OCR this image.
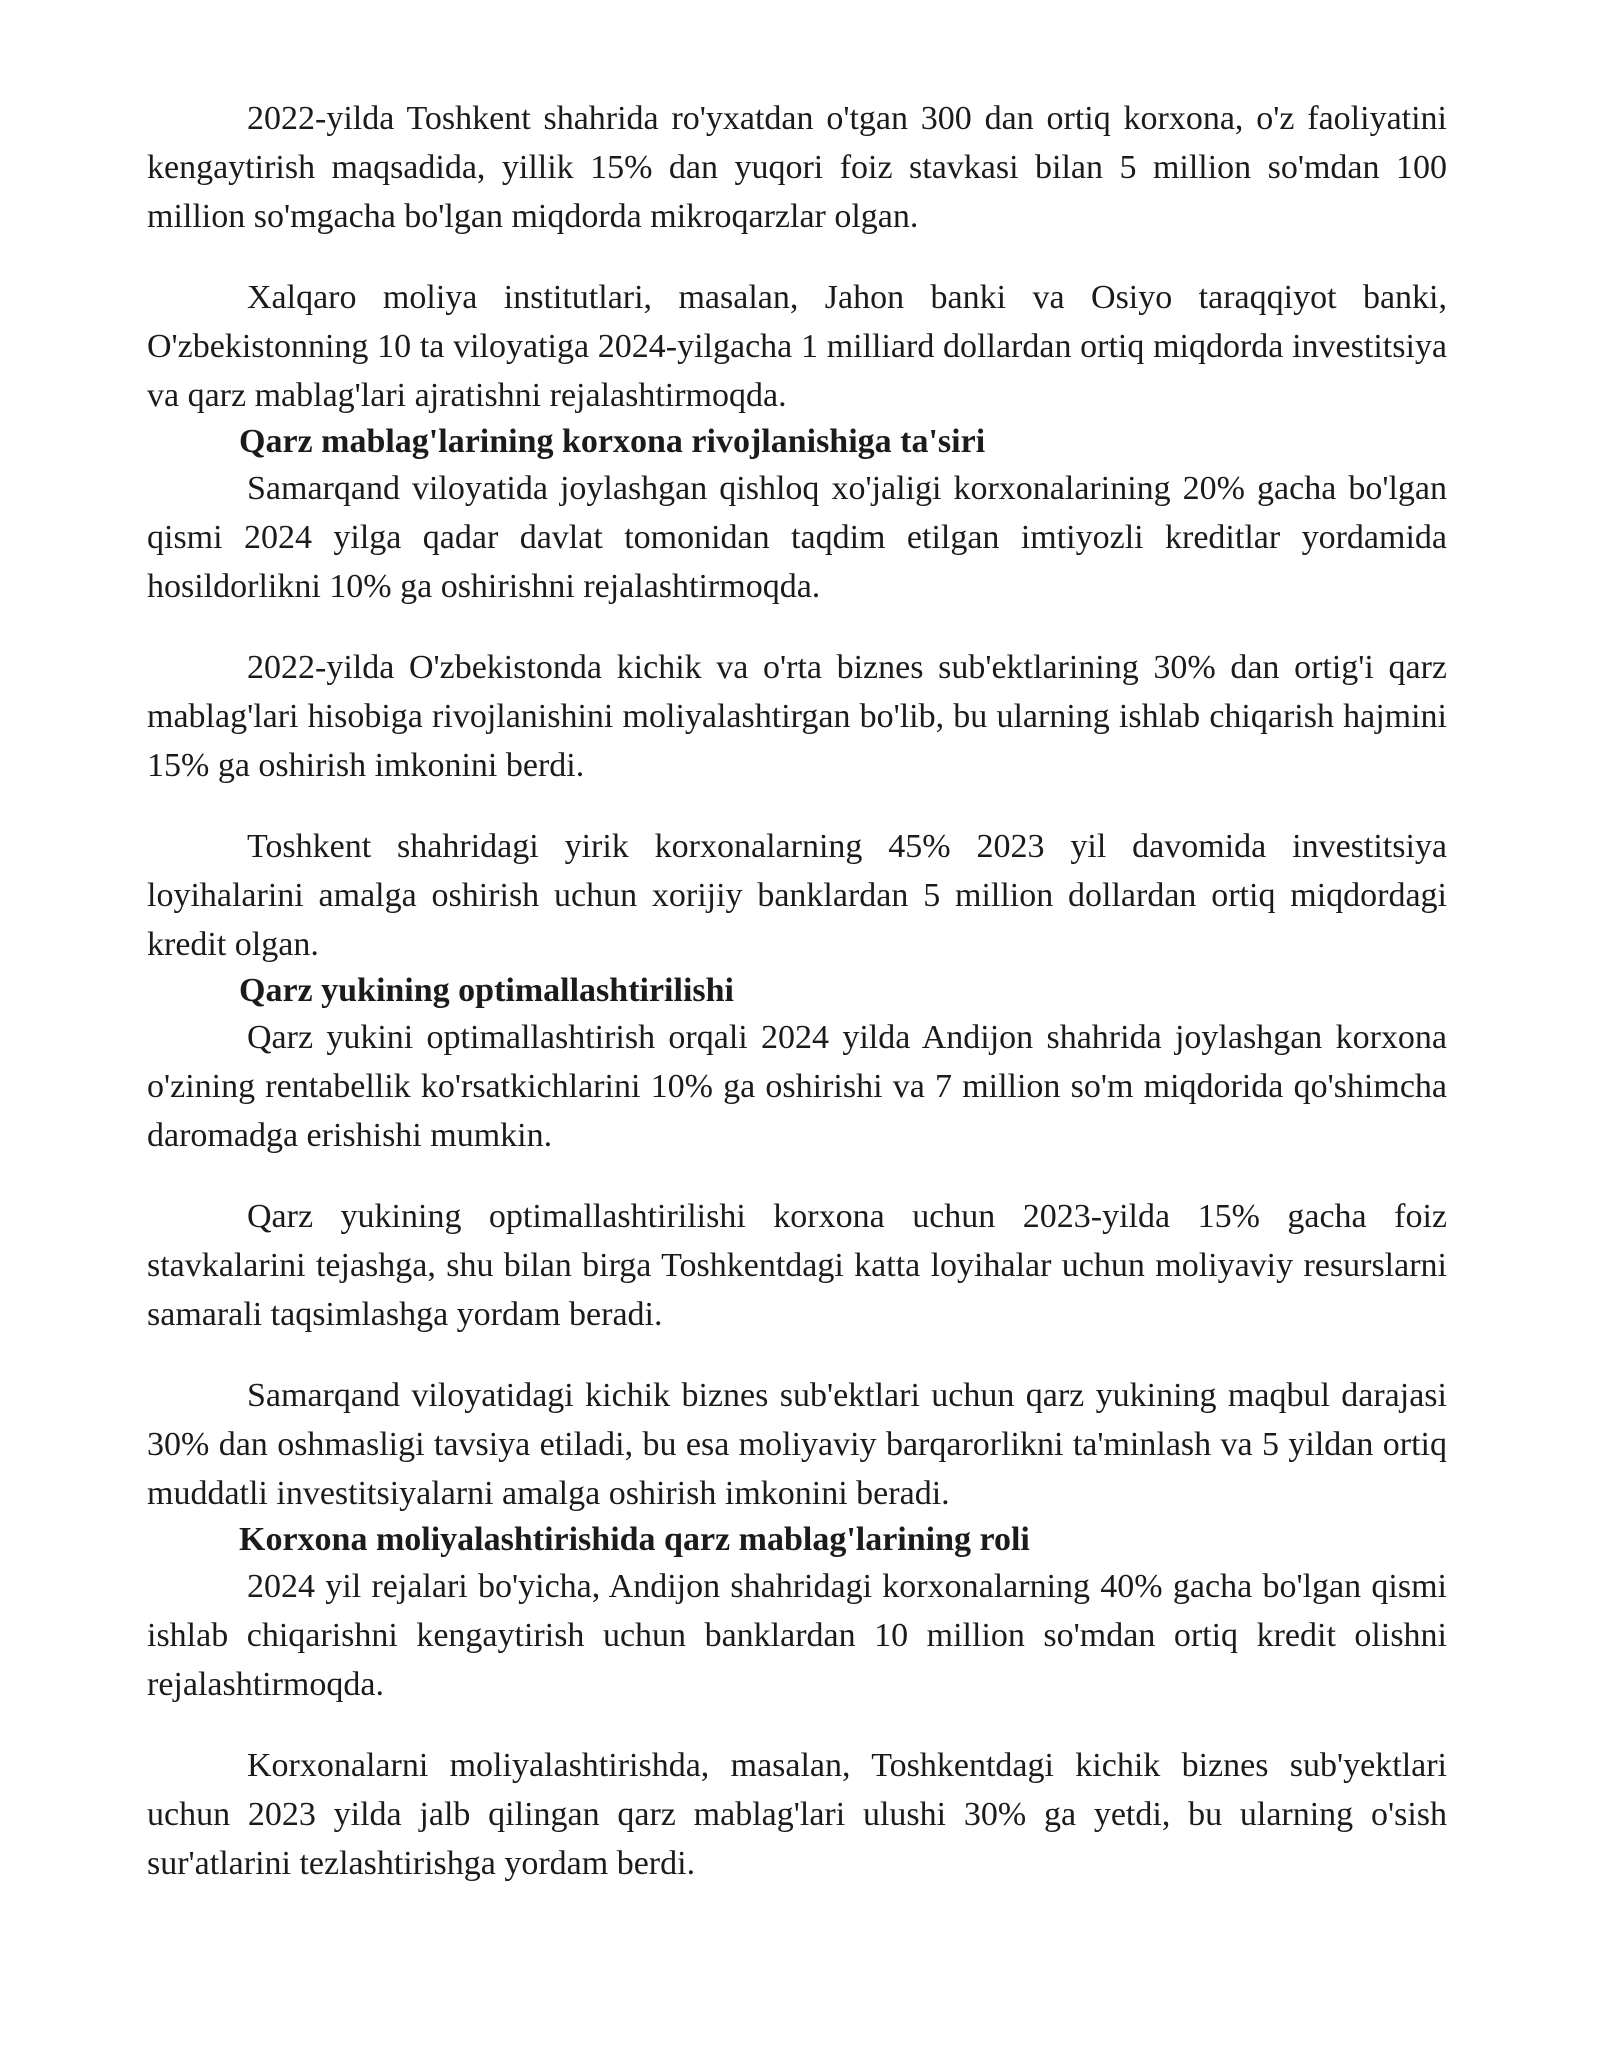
2022-yilda Toshkent shahrida ro'yxatdan o'tgan 300 dan ortiq korxona, o'z faoliyatini kengaytirish maqsadida, yillik 15% dan yuqori foiz stavkasi bilan 5 million so'mdan 100 million so'mgacha bo'lgan miqdorda mikroqarzlar olgan.

Xalqaro moliya institutlari, masalan, Jahon banki va Osiyo taraqqiyot banki, O'zbekistonning 10 ta viloyatiga 2024-yilgacha 1 milliard dollardan ortiq miqdorda investitsiya va qarz mablag'lari ajratishni rejalashtirmoqda.

Qarz mablag'larining korxona rivojlanishiga ta'siri

Samarqand viloyatida joylashgan qishloq xo'jaligi korxonalarining 20% gacha bo'lgan qismi 2024 yilga qadar davlat tomonidan taqdim etilgan imtiyozli kreditlar yordamida hosildorlikni 10% ga oshirishni rejalashtirmoqda.

2022-yilda O'zbekistonda kichik va o'rta biznes sub'ektlarining 30% dan ortig'i qarz mablag'lari hisobiga rivojlanishini moliyalashtirgan bo'lib, bu ularning ishlab chiqarish hajmini 15% ga oshirish imkonini berdi.

Toshkent shahridagi yirik korxonalarning 45% 2023 yil davomida investitsiya loyihalarini amalga oshirish uchun xorijiy banklardan 5 million dollardan ortiq miqdordagi kredit olgan.

Qarz yukining optimallashtirilishi

Qarz yukini optimallashtirish orqali 2024 yilda Andijon shahrida joylashgan korxona o'zining rentabellik ko'rsatkichlarini 10% ga oshirishi va 7 million so'm miqdorida qo'shimcha daromadga erishishi mumkin.

Qarz yukining optimallashtirilishi korxona uchun 2023-yilda 15% gacha foiz stavkalarini tejashga, shu bilan birga Toshkentdagi katta loyihalar uchun moliyaviy resurslarni samarali taqsimlashga yordam beradi.

Samarqand viloyatidagi kichik biznes sub'ektlari uchun qarz yukining maqbul darajasi 30% dan oshmasligi tavsiya etiladi, bu esa moliyaviy barqarorlikni ta'minlash va 5 yildan ortiq muddatli investitsiyalarni amalga oshirish imkonini beradi.

Korxona moliyalashtirishida qarz mablag'larining roli

2024 yil rejalari bo'yicha, Andijon shahridagi korxonalarning 40% gacha bo'lgan qismi ishlab chiqarishni kengaytirish uchun banklardan 10 million so'mdan ortiq kredit olishni rejalashtirmoqda.

Korxonalarni moliyalashtirishda, masalan, Toshkentdagi kichik biznes sub'yektlari uchun 2023 yilda jalb qilingan qarz mablag'lari ulushi 30% ga yetdi, bu ularning o'sish sur'atlarini tezlashtirishga yordam berdi.
